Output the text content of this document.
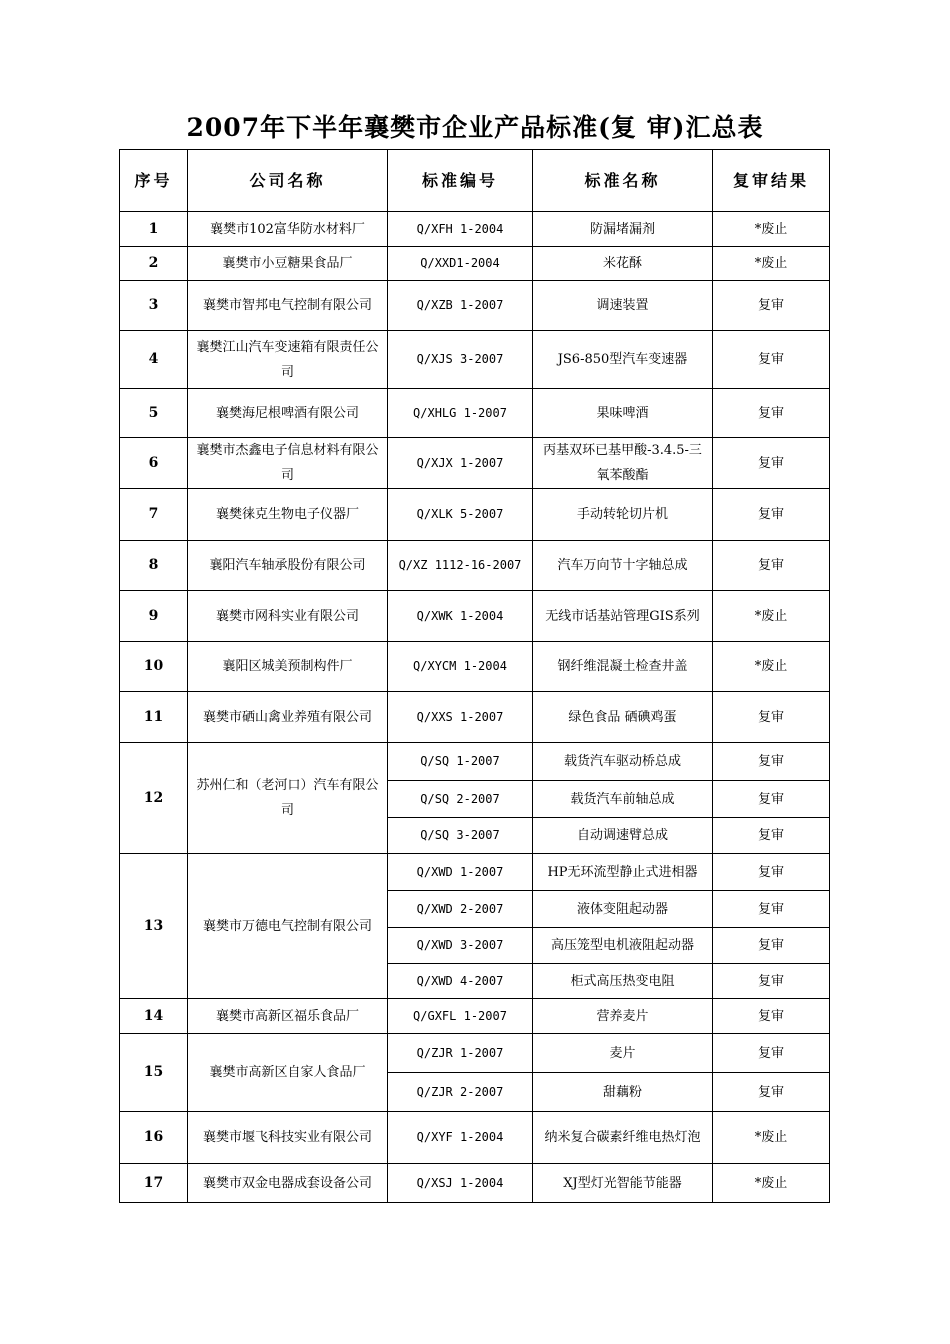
2007年下半年襄樊市企业产品标准(复 审)汇总表
序号	公司名称	标准编号	标准名称	复审结果
1	襄樊市102富华防水材料厂	Q/XFH 1-2004	防漏堵漏剂	*废止
2	襄樊市小豆糖果食品厂	Q/XXD1-2004	米花酥	*废止
3	襄樊市智邦电气控制有限公司	Q/XZB 1-2007	调速装置	复审
4	襄樊江山汽车变速箱有限责任公司	Q/XJS 3-2007	JS6-850型汽车变速器	复审
5	襄樊海尼根啤酒有限公司	Q/XHLG 1-2007	果味啤酒	复审
6	襄樊市杰鑫电子信息材料有限公司	Q/XJX 1-2007	丙基双环已基甲酸-3.4.5-三氧苯酸酯	复审
7	襄樊徕克生物电子仪器厂	Q/XLK 5-2007	手动转轮切片机	复审
8	襄阳汽车轴承股份有限公司	Q/XZ 1112-16-2007	汽车万向节十字轴总成	复审
9	襄樊市网科实业有限公司	Q/XWK 1-2004	无线市话基站管理GIS系列	*废止
10	襄阳区城美预制构件厂	Q/XYCM 1-2004	钢纤维混凝土检查井盖	*废止
11	襄樊市硒山禽业养殖有限公司	Q/XXS 1-2007	绿色食品 硒碘鸡蛋	复审
12	苏州仁和（老河口）汽车有限公司	Q/SQ 1-2007	载货汽车驱动桥总成	复审
		Q/SQ 2-2007	载货汽车前轴总成	复审
		Q/SQ 3-2007	自动调速臂总成	复审
13	襄樊市万德电气控制有限公司	Q/XWD 1-2007	HP无环流型静止式进相器	复审
		Q/XWD 2-2007	液体变阻起动器	复审
		Q/XWD 3-2007	高压笼型电机液阻起动器	复审
		Q/XWD 4-2007	柜式高压热变电阻	复审
14	襄樊市高新区福乐食品厂	Q/GXFL 1-2007	营养麦片	复审
15	襄樊市高新区自家人食品厂	Q/ZJR 1-2007	麦片	复审
		Q/ZJR 2-2007	甜藕粉	复审
16	襄樊市堰飞科技实业有限公司	Q/XYF 1-2004	纳米复合碳素纤维电热灯泡	*废止
17	襄樊市双金电器成套设备公司	Q/XSJ 1-2004	XJ型灯光智能节能器	*废止
